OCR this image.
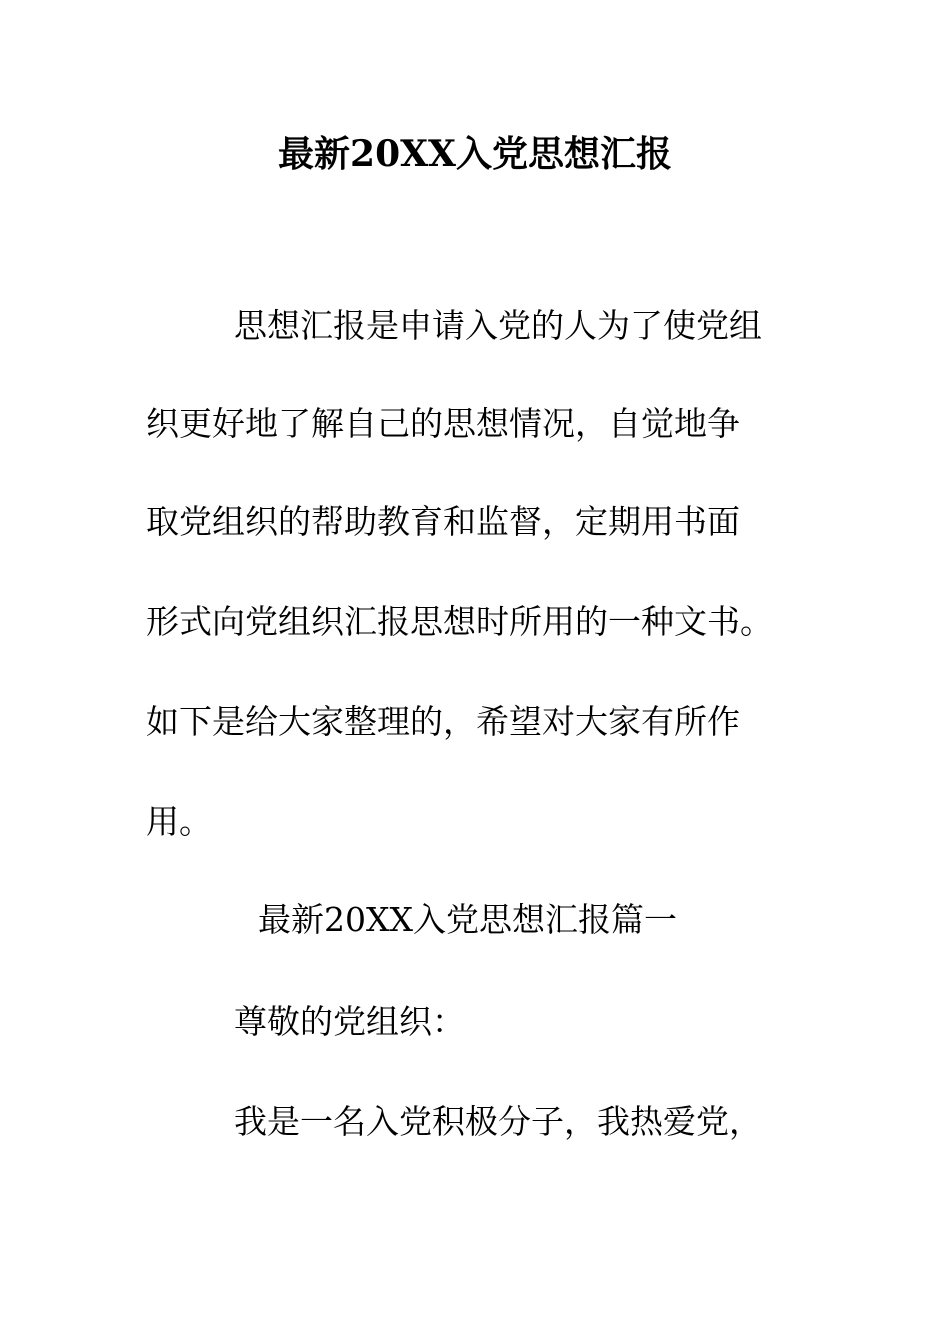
最新20XX入党思想汇报
思想汇报是申请入党的人为了使党组
织更好地了解自己的思想情况，自觉地争
取党组织的帮助教育和监督，定期用书面
形式向党组织汇报思想时所用的一种文书。
如下是给大家整理的，希望对大家有所作
用。
最新20XX入党思想汇报篇一
尊敬的党组织：
我是一名入党积极分子，我热爱党，
